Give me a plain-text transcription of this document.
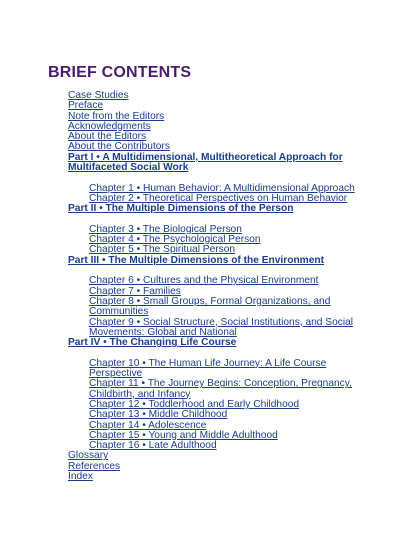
BRIEF CONTENTS
Case Studies
Preface
Note from the Editors
Acknowledgments
About the Editors
About the Contributors
Part I • A Multidimensional, Multitheoretical Approach for Multifaceted Social Work
Chapter 1 • Human Behavior: A Multidimensional Approach
Chapter 2 • Theoretical Perspectives on Human Behavior
Part II • The Multiple Dimensions of the Person
Chapter 3 • The Biological Person
Chapter 4 • The Psychological Person
Chapter 5 • The Spiritual Person
Part III • The Multiple Dimensions of the Environment
Chapter 6 • Cultures and the Physical Environment
Chapter 7 • Families
Chapter 8 • Small Groups, Formal Organizations, and Communities
Chapter 9 • Social Structure, Social Institutions, and Social Movements: Global and National
Part IV • The Changing Life Course
Chapter 10 • The Human Life Journey: A Life Course Perspective
Chapter 11 • The Journey Begins: Conception, Pregnancy, Childbirth, and Infancy
Chapter 12 • Toddlerhood and Early Childhood
Chapter 13 • Middle Childhood
Chapter 14 • Adolescence
Chapter 15 • Young and Middle Adulthood
Chapter 16 • Late Adulthood
Glossary
References
Index
